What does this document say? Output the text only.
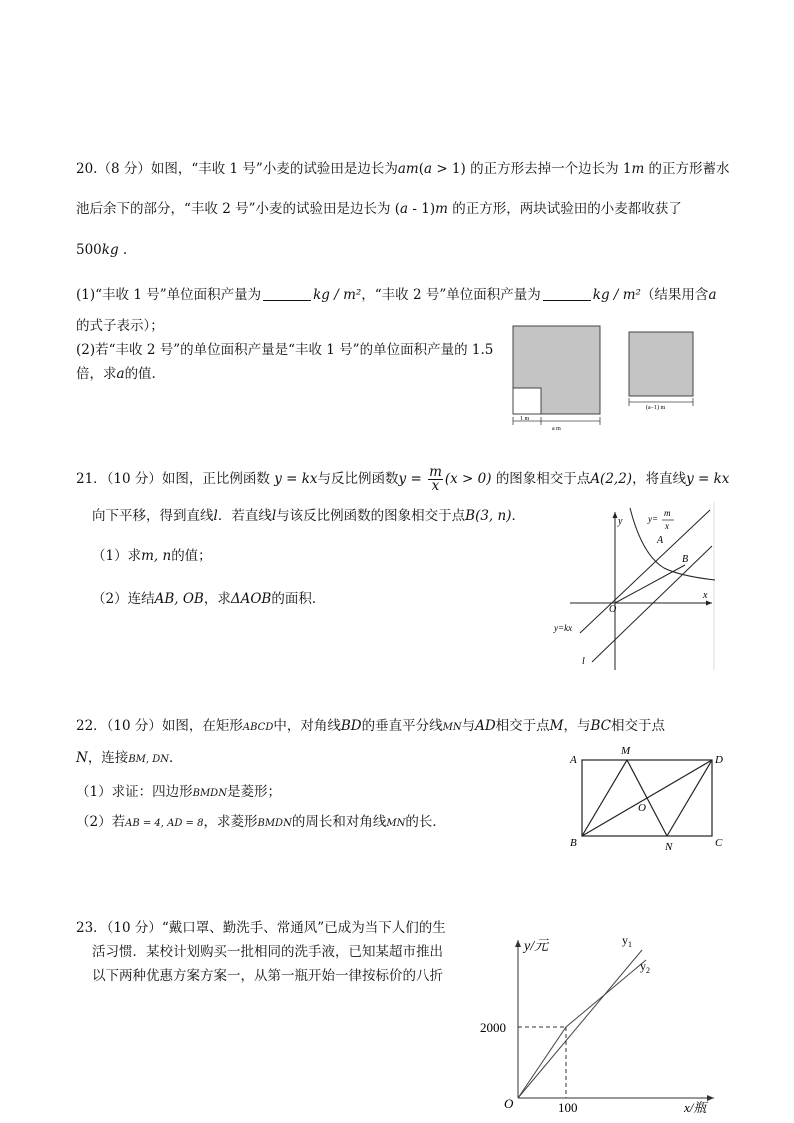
20.（8 分）如图，“丰收 1 号”小麦的试验田是边长为am(a > 1) 的正方形去掉一个边长为 1m 的正方形蓄水
池后余下的部分，“丰收 2 号”小麦的试验田是边长为 (a - 1)m 的正方形，两块试验田的小麦都收获了
500kg .
(1)“丰收 1 号”单位面积产量为	kg / m²，“丰收 2 号”单位面积产量为	kg / m²（结果用含a
的式子表示）；
(2)若“丰收 2 号”的单位面积产量是“丰收 1 号”的单位面积产量的 1.5
倍，求a的值.
1 m
a m
(a−1) m
21．（10 分）如图，正比例函数 y = kx与反比例函数$y = \frac{m}{x} (x > 0)$ 的图象相交于点A(2,2)，将直线y = kx
向下平移，得到直线l．若直线l与该反比例函数的图象相交于点B(3, n)．
（1）求m, n的值；
（2）连结AB, OB，求ΔAOB的面积．
y
x
O
A
B
y=
m
x
y=kx
l
22．（10 分）如图，在矩形ABCD中，对角线BD的垂直平分线MN与AD相交于点M，与BC相交于点
N，连接BM, DN．
（1）求证：四边形BMDN是菱形；
（2）若AB = 4, AD = 8，求菱形BMDN的周长和对角线MN的长．
A
M
D
O
B	N	C
23．（10 分）“戴口罩、勤洗手、常通风”已成为当下人们的生
活习惯．某校计划购买一批相同的洗手液，已知某超市推出
以下两种优惠方案方案一，从第一瓶开始一律按标价的八折
y/元
x/瓶
O
2000
100
$y_1$
$y_2$
